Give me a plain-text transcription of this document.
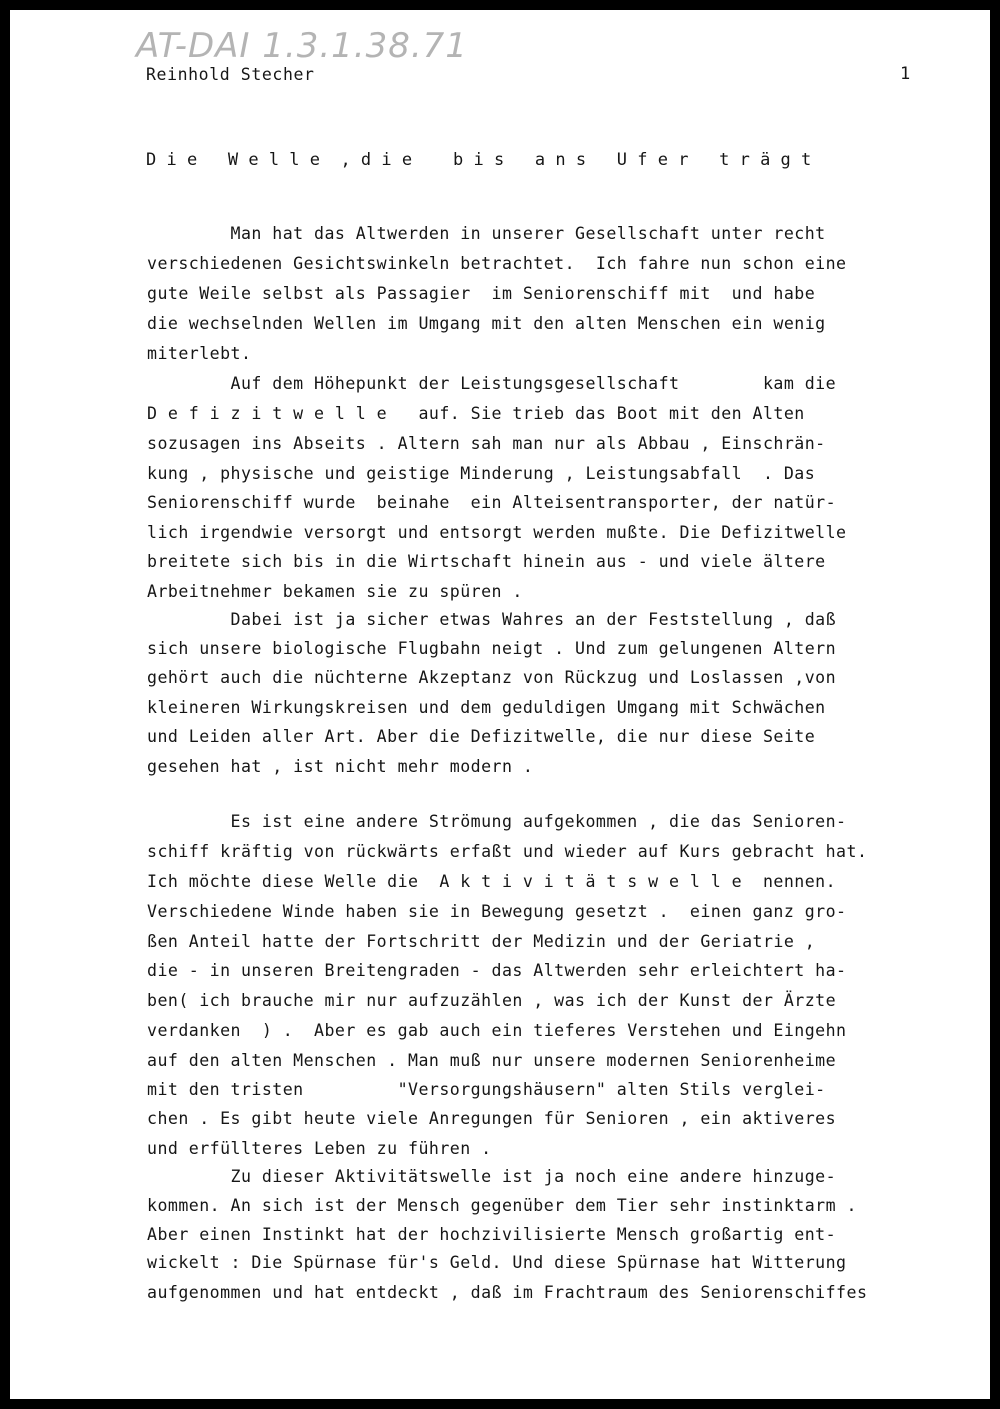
AT-DAI 1.3.1.38.71
Reinhold Stecher	1
D i e   W e l l e  , d i e    b i s   a n s   U f e r   t r ä g t
Man hat das Altwerden in unserer Gesellschaft unter recht
verschiedenen Gesichtswinkeln betrachtet.  Ich fahre nun schon eine
gute Weile selbst als Passagier  im Seniorenschiff mit  und habe
die wechselnden Wellen im Umgang mit den alten Menschen ein wenig
miterlebt.
Auf dem Höhepunkt der Leistungsgesellschaft        kam die
D e f i z i t w e l l e   auf. Sie trieb das Boot mit den Alten
sozusagen ins Abseits . Altern sah man nur als Abbau , Einschrän-
kung , physische und geistige Minderung , Leistungsabfall  . Das
Seniorenschiff wurde  beinahe  ein Alteisentransporter, der natür-
lich irgendwie versorgt und entsorgt werden mußte. Die Defizitwelle
breitete sich bis in die Wirtschaft hinein aus - und viele ältere
Arbeitnehmer bekamen sie zu spüren .
Dabei ist ja sicher etwas Wahres an der Feststellung , daß
sich unsere biologische Flugbahn neigt . Und zum gelungenen Altern
gehört auch die nüchterne Akzeptanz von Rückzug und Loslassen ,von
kleineren Wirkungskreisen und dem geduldigen Umgang mit Schwächen
und Leiden aller Art. Aber die Defizitwelle, die nur diese Seite
gesehen hat , ist nicht mehr modern .
Es ist eine andere Strömung aufgekommen , die das Senioren-
schiff kräftig von rückwärts erfaßt und wieder auf Kurs gebracht hat.
Ich möchte diese Welle die  A k t i v i t ä t s w e l l e  nennen.
Verschiedene Winde haben sie in Bewegung gesetzt .  einen ganz gro-
ßen Anteil hatte der Fortschritt der Medizin und der Geriatrie ,
die - in unseren Breitengraden - das Altwerden sehr erleichtert ha-
ben( ich brauche mir nur aufzuzählen , was ich der Kunst der Ärzte
verdanken  ) .  Aber es gab auch ein tieferes Verstehen und Eingehn
auf den alten Menschen . Man muß nur unsere modernen Seniorenheime
mit den tristen         "Versorgungshäusern" alten Stils verglei-
chen . Es gibt heute viele Anregungen für Senioren , ein aktiveres
und erfüllteres Leben zu führen .
Zu dieser Aktivitätswelle ist ja noch eine andere hinzuge-
kommen. An sich ist der Mensch gegenüber dem Tier sehr instinktarm .
Aber einen Instinkt hat der hochzivilisierte Mensch großartig ent-
wickelt : Die Spürnase für's Geld. Und diese Spürnase hat Witterung
aufgenommen und hat entdeckt , daß im Frachtraum des Seniorenschiffes
